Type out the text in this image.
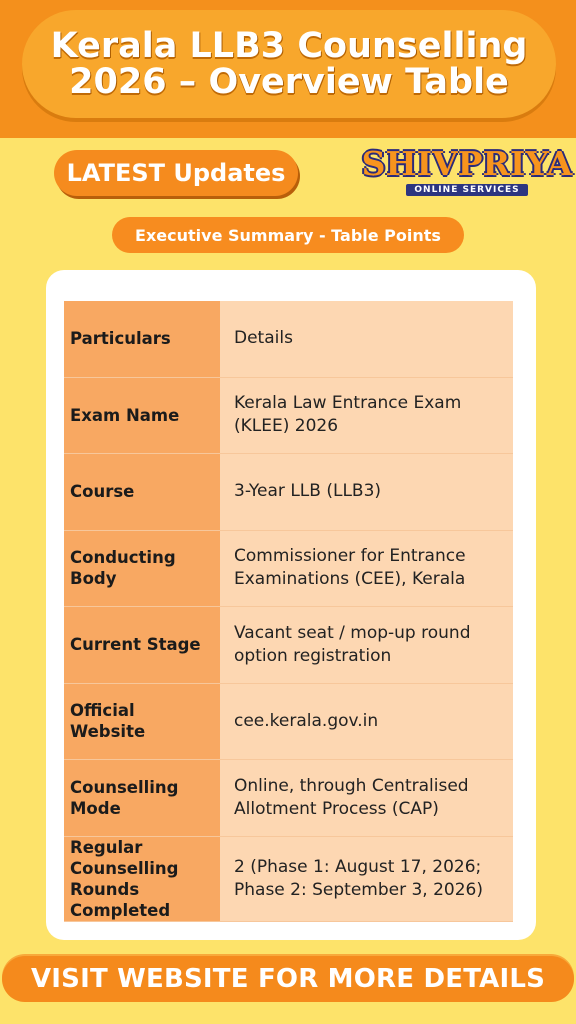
Kerala LLB3 Counselling
2026 – Overview Table
LATEST Updates	SHIVPRIYA
ONLINE SERVICES
Executive Summary - Table Points
Particulars	Details
Exam Name	Kerala Law Entrance Exam (KLEE) 2026
Course	3-Year LLB (LLB3)
Conducting Body	Commissioner for Entrance Examinations (CEE), Kerala
Current Stage	Vacant seat / mop-up round option registration
Official Website	cee.kerala.gov.in
Counselling Mode	Online, through Centralised Allotment Process (CAP)
Regular Counselling Rounds Completed	2 (Phase 1: August 17, 2026; Phase 2: September 3, 2026)
VISIT WEBSITE FOR MORE DETAILS
